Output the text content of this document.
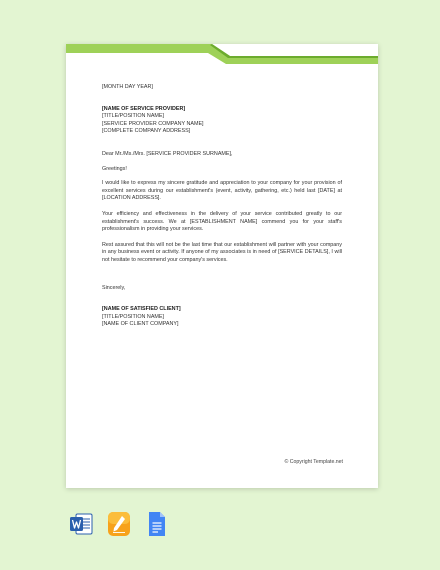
[MONTH DAY YEAR]
[NAME OF SERVICE PROVIDER]
[TITLE/POSITION NAME]
[SERVICE PROVIDER COMPANY NAME]
[COMPLETE COMPANY ADDRESS]
Dear Mr./Ms./Mrs. [SERVICE PROVIDER SURNAME],
Greetings!

I would like to express my sincere gratitude and appreciation to your company for your provision of excellent services during our establishment's (event, activity, gathering, etc.) held last [DATE] at [LOCATION ADDRESS].

Your efficiency and effectiveness in the delivery of your service contributed greatly to our establishment's success. We at [ESTABLISHMENT NAME] commend you for your staff's professionalism in providing your services.

Rest assured that this will not be the last time that our establishment will partner with your company in any business event or activity. If anyone of my associates is in need of [SERVICE DETAILS], I will not hesitate to recommend your company's services.

Sincerely,
[NAME OF SATISFIED CLIENT]
[TITLE/POSITION NAME]
[NAME OF CLIENT COMPANY]
© Copyright Template.net
